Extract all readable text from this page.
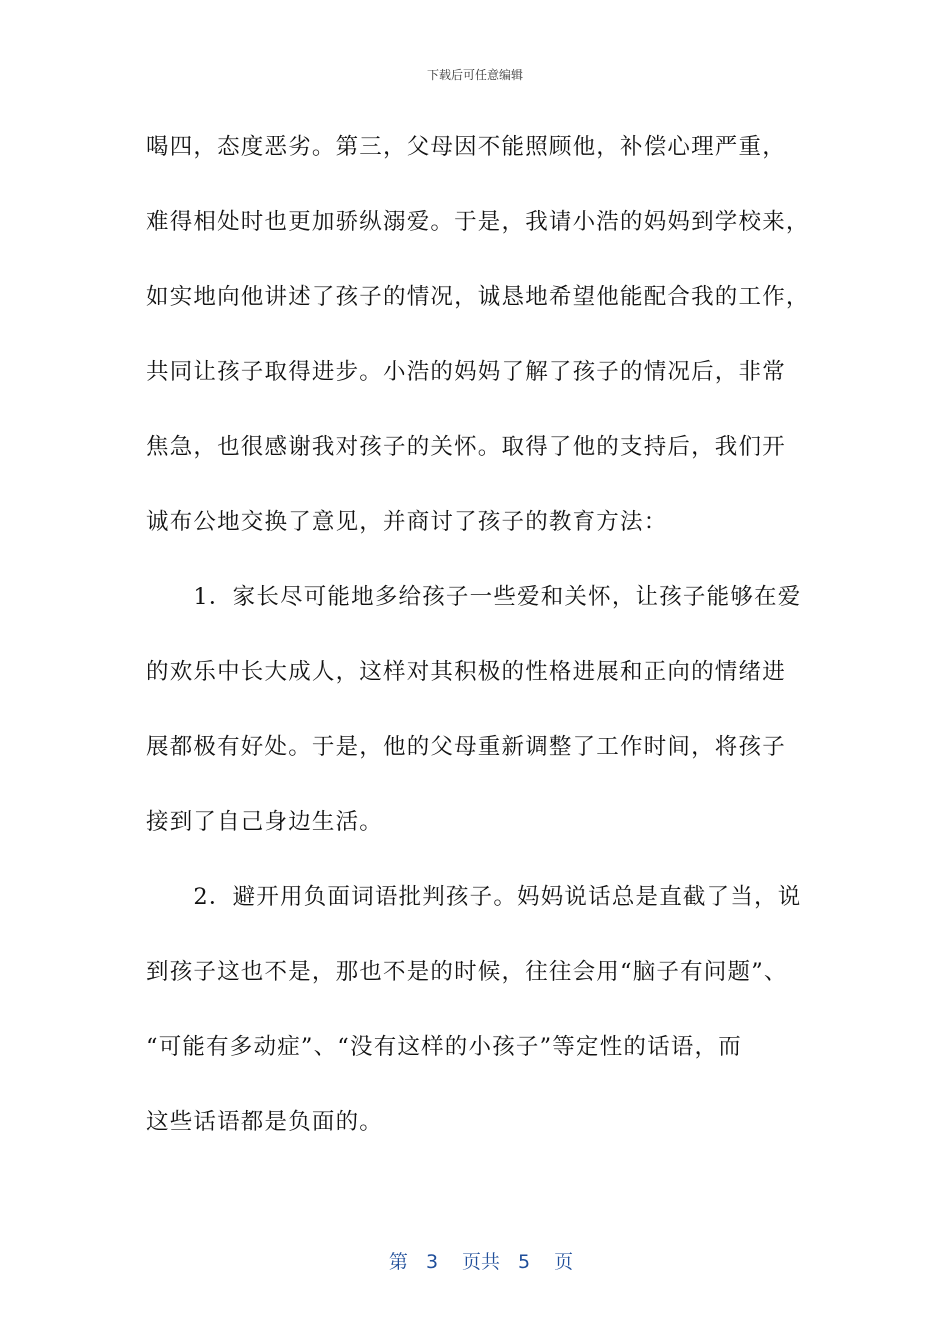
下载后可任意编辑
喝四，态度恶劣。第三，父母因不能照顾他，补偿心理严重，
难得相处时也更加骄纵溺爱。于是，我请小浩的妈妈到学校来，
如实地向他讲述了孩子的情况，诚恳地希望他能配合我的工作，
共同让孩子取得进步。小浩的妈妈了解了孩子的情况后，非常
焦急，也很感谢我对孩子的关怀。取得了他的支持后，我们开
诚布公地交换了意见，并商讨了孩子的教育方法：
　　1．家长尽可能地多给孩子一些爱和关怀，让孩子能够在爱
的欢乐中长大成人，这样对其积极的性格进展和正向的情绪进
展都极有好处。于是，他的父母重新调整了工作时间，将孩子
接到了自己身边生活。
　　2．避开用负面词语批判孩子。妈妈说话总是直截了当，说
到孩子这也不是，那也不是的时候，往往会用“脑子有问题”、
“可能有多动症”、“没有这样的小孩子”等定性的话语，而
这些话语都是负面的。

第 3 页共 5 页
